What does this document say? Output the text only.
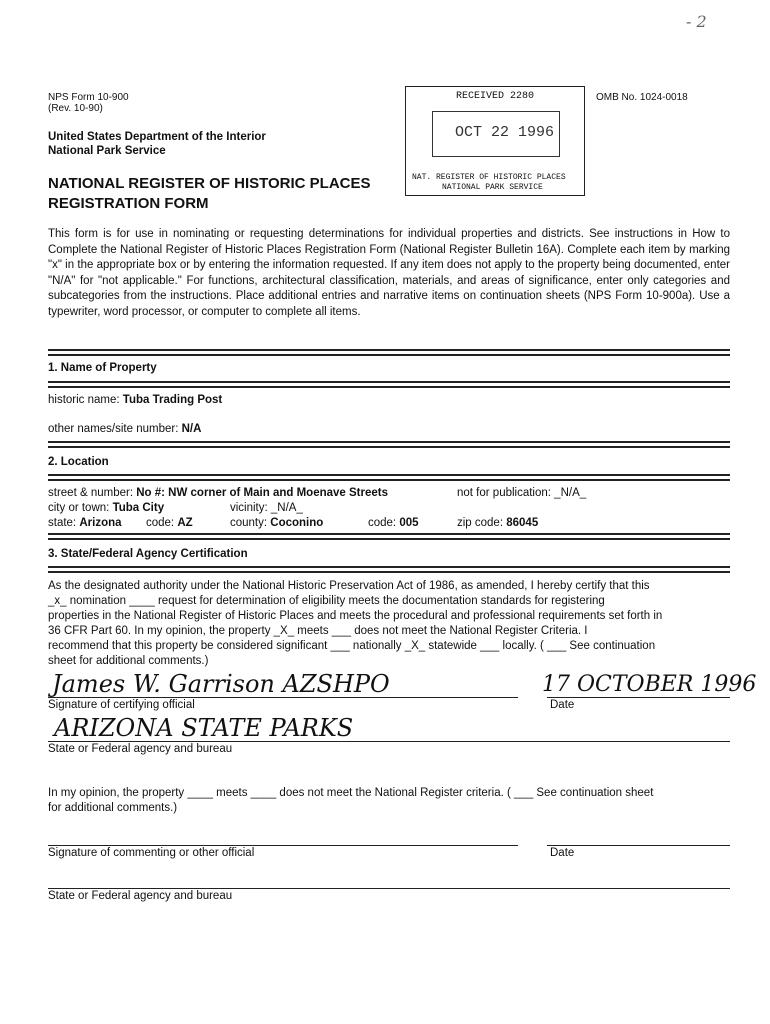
- 2
NPS Form 10-900
(Rev. 10-90)
United States Department of the Interior
National Park Service
NATIONAL REGISTER OF HISTORIC PLACES
REGISTRATION FORM
RECEIVED 2280
OCT 22 1996
NAT. REGISTER OF HISTORIC PLACES
NATIONAL PARK SERVICE
OMB No. 1024-0018

This form is for use in nominating or requesting determinations for individual properties and districts. See instructions in How to Complete the National Register of Historic Places Registration Form (National Register Bulletin 16A). Complete each item by marking "x" in the appropriate box or by entering the information requested. If any item does not apply to the property being documented, enter "N/A" for "not applicable." For functions, architectural classification, materials, and areas of significance, enter only categories and subcategories from the instructions. Place additional entries and narrative items on continuation sheets (NPS Form 10-900a). Use a typewriter, word processor, or computer to complete all items.

1. Name of Property
historic name: Tuba Trading Post
other names/site number: N/A
2. Location
street & number: No #: NW corner of Main and Moenave Streets	not for publication: _N/A_
city or town: Tuba City	vicinity: _N/A_
state: Arizona code: AZ	county: Coconino	code: 005	zip code: 86045
3. State/Federal Agency Certification
As the designated authority under the National Historic Preservation Act of 1986, as amended, I hereby certify that this
_x_ nomination ____ request for determination of eligibility meets the documentation standards for registering
properties in the National Register of Historic Places and meets the procedural and professional requirements set forth in
36 CFR Part 60. In my opinion, the property _X_ meets ___ does not meet the National Register Criteria. I
recommend that this property be considered significant ___ nationally _X_ statewide ___ locally. ( ___ See continuation
sheet for additional comments.)
James W. Garrison AZSHPO	17 OCTOBER 1996
Signature of certifying official	Date
ARIZONA STATE PARKS
State or Federal agency and bureau
In my opinion, the property ____ meets ____ does not meet the National Register criteria. ( ___ See continuation sheet
for additional comments.)
Signature of commenting or other official	Date
State or Federal agency and bureau
